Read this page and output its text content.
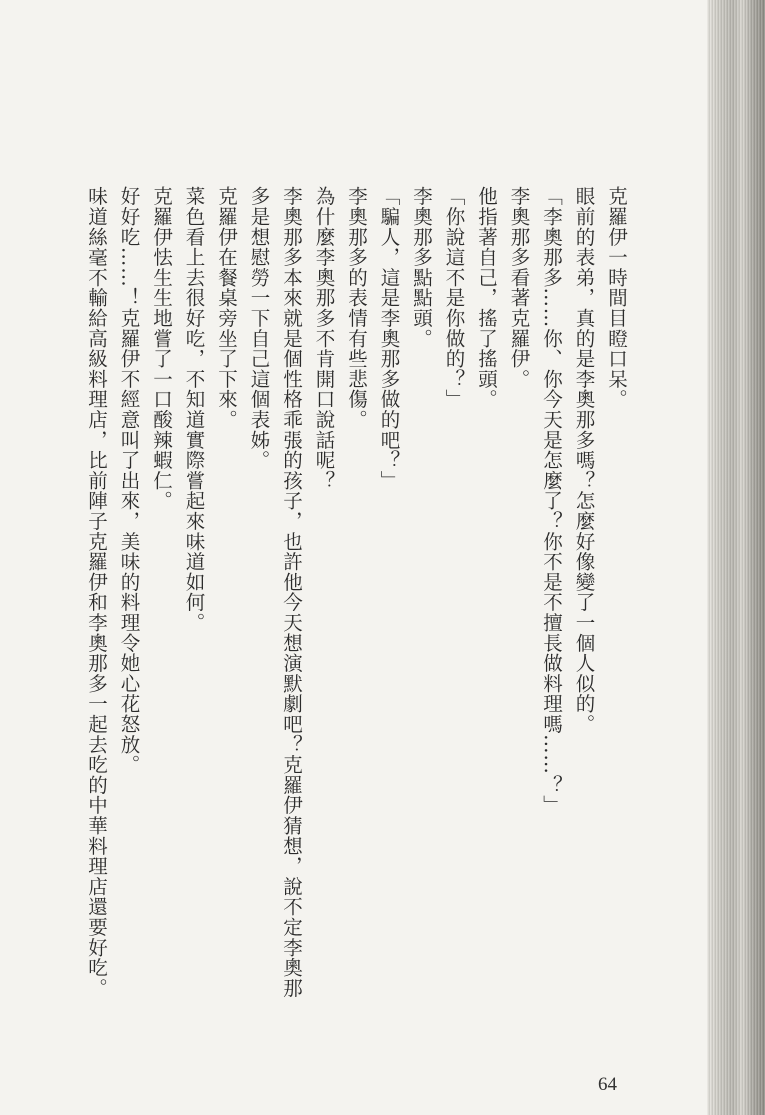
克羅伊一時間目瞪口呆。
眼前的表弟，真的是李奧那多嗎？怎麼好像變了一個人似的。
「李奧那多……你、你今天是怎麼了？你不是不擅長做料理嗎……？」
李奧那多看著克羅伊。
他指著自己，搖了搖頭。
「你說這不是你做的？」
李奧那多點點頭。
「騙人，這是李奧那多做的吧？」
李奧那多的表情有些悲傷。
為什麼李奧那多不肯開口說話呢？
李奧那多本來就是個性格乖張的孩子，也許他今天想演默劇吧？克羅伊猜想，說不定李奧那
多是想慰勞一下自己這個表姊。
克羅伊在餐桌旁坐了下來。
菜色看上去很好吃，不知道實際嘗起來味道如何。
克羅伊怯生生地嘗了一口酸辣蝦仁。
好好吃……！克羅伊不經意叫了出來，美味的料理令她心花怒放。
味道絲毫不輸給高級料理店，比前陣子克羅伊和李奧那多一起去吃的中華料理店還要好吃。
64
